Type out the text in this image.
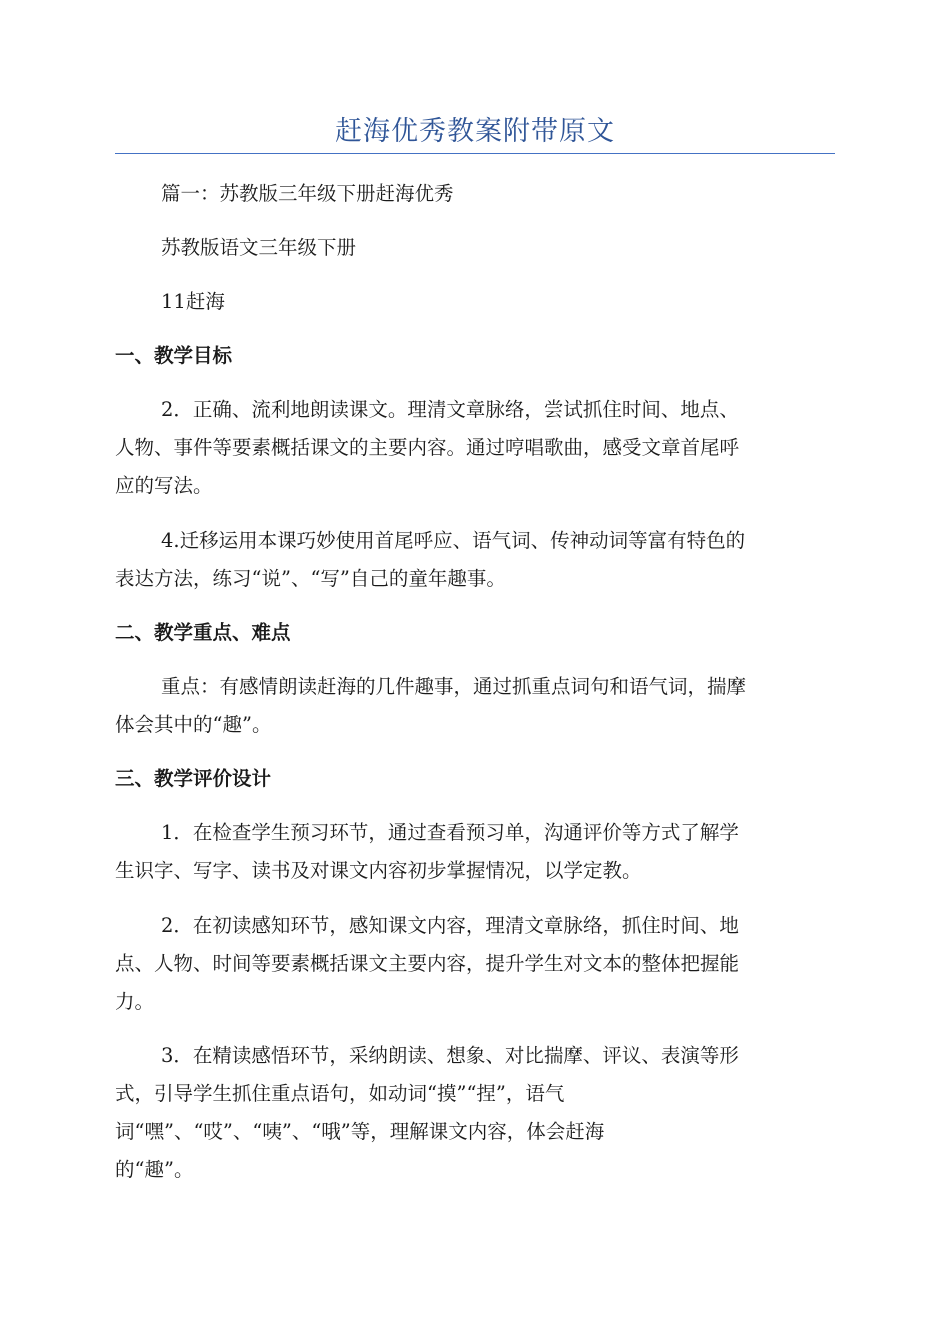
赶海优秀教案附带原文
篇一：苏教版三年级下册赶海优秀
苏教版语文三年级下册
11赶海
一、教学目标
2．正确、流利地朗读课文。理清文章脉络，尝试抓住时间、地点、
人物、事件等要素概括课文的主要内容。通过哼唱歌曲，感受文章首尾呼
应的写法。
4.迁移运用本课巧妙使用首尾呼应、语气词、传神动词等富有特色的
表达方法，练习“说”、“写”自己的童年趣事。
二、教学重点、难点
重点：有感情朗读赶海的几件趣事，通过抓重点词句和语气词，揣摩
体会其中的“趣”。
三、教学评价设计
1．在检查学生预习环节，通过查看预习单，沟通评价等方式了解学
生识字、写字、读书及对课文内容初步掌握情况，以学定教。
2．在初读感知环节，感知课文内容，理清文章脉络，抓住时间、地
点、人物、时间等要素概括课文主要内容，提升学生对文本的整体把握能
力。
3．在精读感悟环节，采纳朗读、想象、对比揣摩、评议、表演等形
式，引导学生抓住重点语句，如动词“摸”“捏”，语气
词“嘿”、“哎”、“咦”、“哦”等，理解课文内容，体会赶海
的“趣”。
